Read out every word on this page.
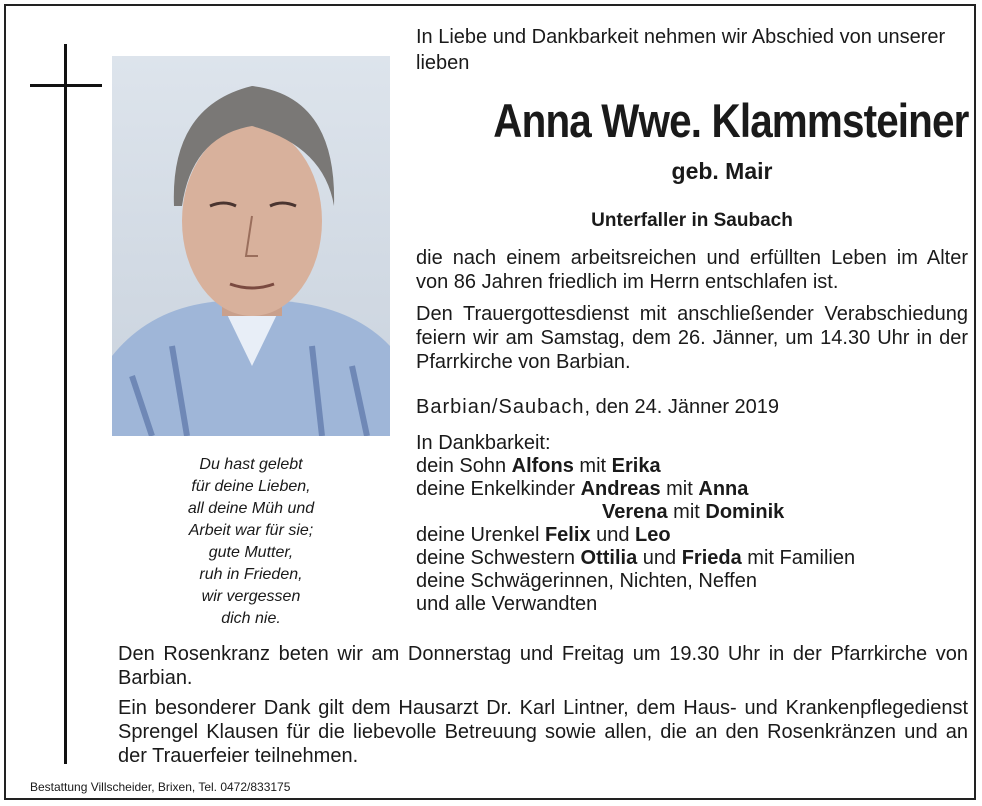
Du hast gelebt
für deine Lieben,
all deine Müh und
Arbeit war für sie;
gute Mutter,
ruh in Frieden,
wir vergessen
dich nie.
In Liebe und Dankbarkeit nehmen wir Abschied von unserer lieben
Anna Wwe. Klammsteiner
geb. Mair
Unterfaller in Saubach
die nach einem arbeitsreichen und erfüllten Leben im Alter von 86 Jahren friedlich im Herrn entschlafen ist.
Den Trauergottesdienst mit anschließender Verabschiedung feiern wir am Samstag, dem 26. Jänner, um 14.30 Uhr in der Pfarrkirche von Barbian.
Barbian/Saubach, den 24. Jänner 2019
In Dankbarkeit:
dein Sohn Alfons mit Erika
deine Enkelkinder Andreas mit Anna
Verena mit Dominik
deine Urenkel Felix und Leo
deine Schwestern Ottilia und Frieda mit Familien
deine Schwägerinnen, Nichten, Neffen
und alle Verwandten
Den Rosenkranz beten wir am Donnerstag und Freitag um 19.30 Uhr in der Pfarrkirche von Barbian.
Ein besonderer Dank gilt dem Hausarzt Dr. Karl Lintner, dem Haus- und Krankenpflegedienst Sprengel Klausen für die liebevolle Betreuung sowie allen, die an den Rosenkränzen und an der Trauerfeier teilnehmen.
Bestattung Villscheider, Brixen, Tel. 0472/833175
